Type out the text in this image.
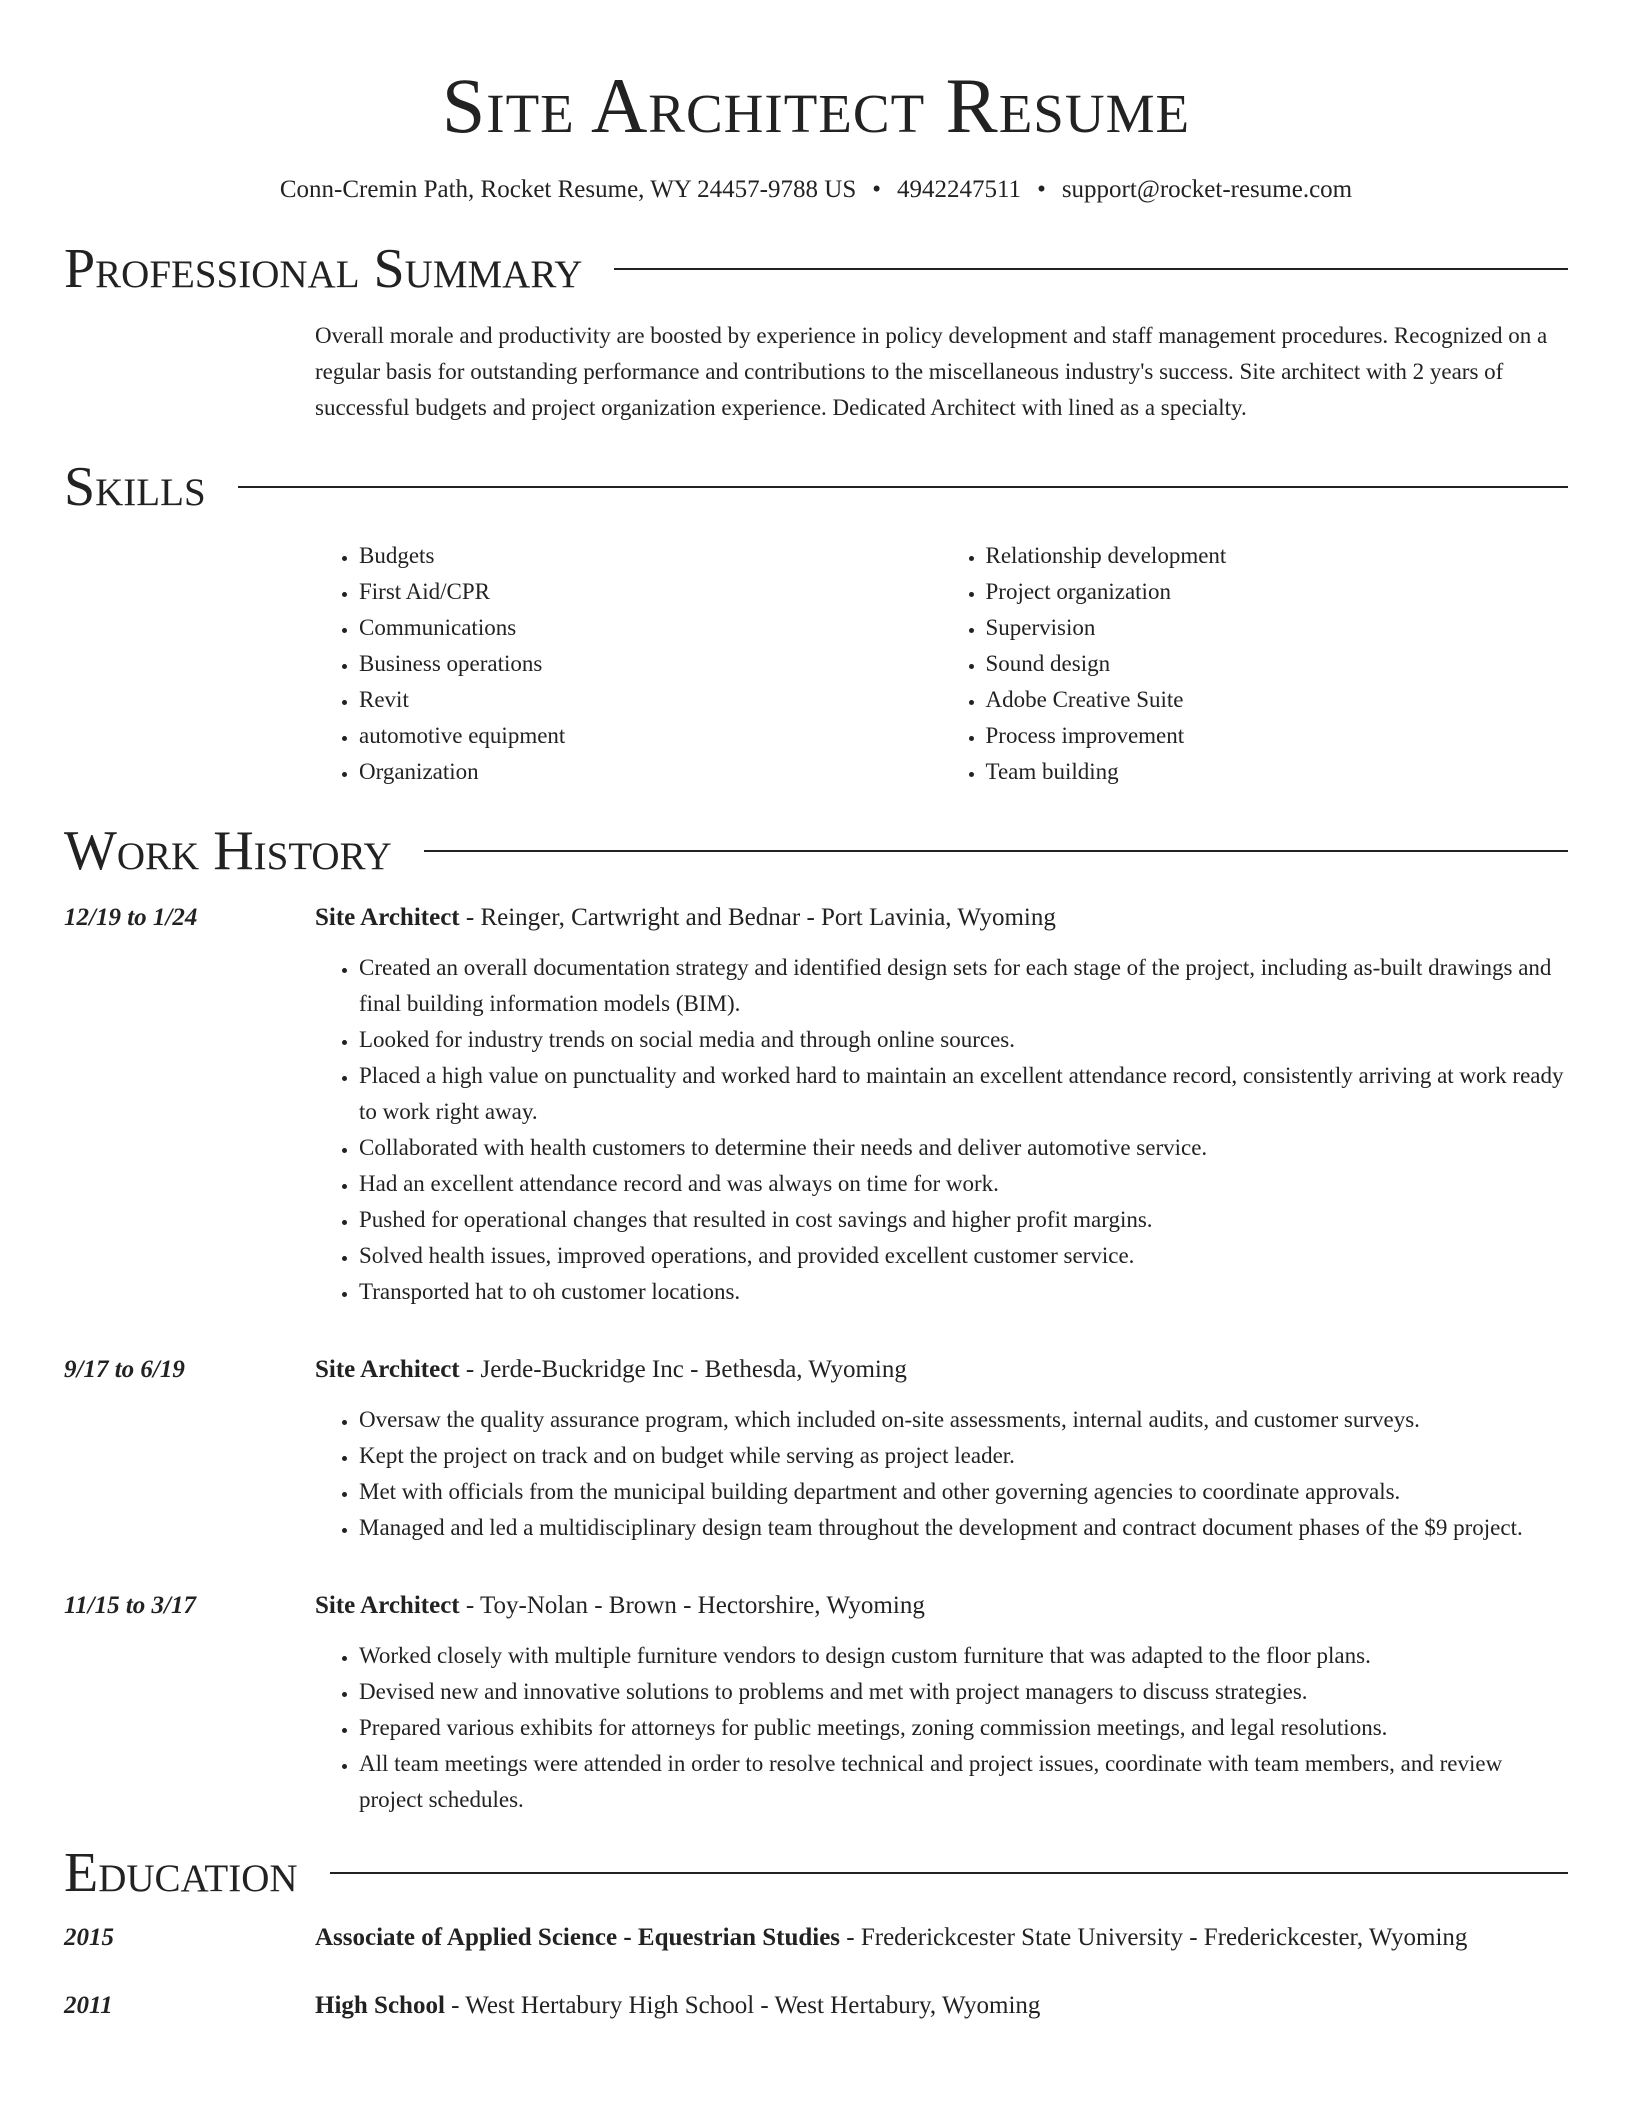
Site Architect Resume
Conn-Cremin Path, Rocket Resume, WY 24457-9788 US • 4942247511 • support@rocket-resume.com
Professional Summary
Overall morale and productivity are boosted by experience in policy development and staff management procedures. Recognized on a regular basis for outstanding performance and contributions to the miscellaneous industry's success. Site architect with 2 years of successful budgets and project organization experience. Dedicated Architect with lined as a specialty.
Skills
• Budgets
• First Aid/CPR
• Communications
• Business operations
• Revit
• automotive equipment
• Organization
• Relationship development
• Project organization
• Supervision
• Sound design
• Adobe Creative Suite
• Process improvement
• Team building
Work History
12/19 to 1/24	Site Architect - Reinger, Cartwright and Bednar - Port Lavinia, Wyoming
• Created an overall documentation strategy and identified design sets for each stage of the project, including as-built drawings and final building information models (BIM).
• Looked for industry trends on social media and through online sources.
• Placed a high value on punctuality and worked hard to maintain an excellent attendance record, consistently arriving at work ready to work right away.
• Collaborated with health customers to determine their needs and deliver automotive service.
• Had an excellent attendance record and was always on time for work.
• Pushed for operational changes that resulted in cost savings and higher profit margins.
• Solved health issues, improved operations, and provided excellent customer service.
• Transported hat to oh customer locations.
9/17 to 6/19	Site Architect - Jerde-Buckridge Inc - Bethesda, Wyoming
• Oversaw the quality assurance program, which included on-site assessments, internal audits, and customer surveys.
• Kept the project on track and on budget while serving as project leader.
• Met with officials from the municipal building department and other governing agencies to coordinate approvals.
• Managed and led a multidisciplinary design team throughout the development and contract document phases of the $9 project.
11/15 to 3/17	Site Architect - Toy-Nolan - Brown - Hectorshire, Wyoming
• Worked closely with multiple furniture vendors to design custom furniture that was adapted to the floor plans.
• Devised new and innovative solutions to problems and met with project managers to discuss strategies.
• Prepared various exhibits for attorneys for public meetings, zoning commission meetings, and legal resolutions.
• All team meetings were attended in order to resolve technical and project issues, coordinate with team members, and review project schedules.
Education
2015	Associate of Applied Science - Equestrian Studies - Frederickcester State University - Frederickcester, Wyoming
2011	High School - West Hertabury High School - West Hertabury, Wyoming
